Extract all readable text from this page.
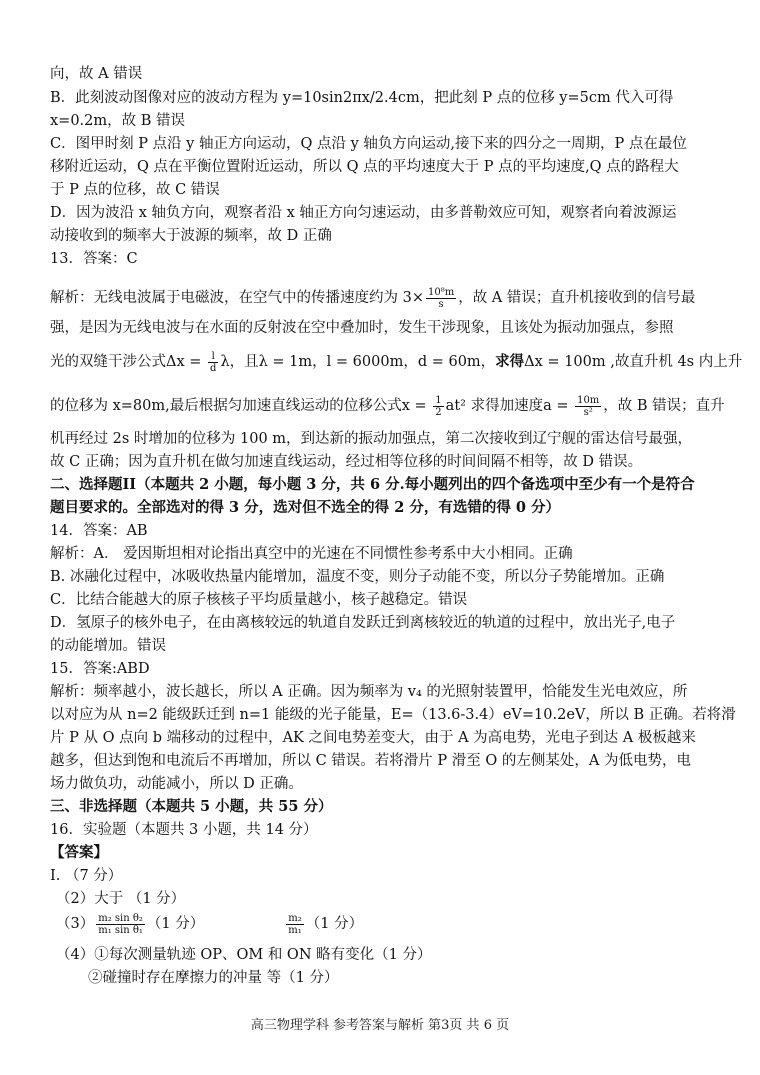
向，故 A 错误
B．此刻波动图像对应的波动方程为 y=10sin2πx/2.4cm，把此刻 P 点的位移 y=5cm 代入可得
x=0.2m，故 B 错误
C．图甲时刻 P 点沿 y 轴正方向运动，Q 点沿 y 轴负方向运动,接下来的四分之一周期，P 点在最位
移附近运动，Q 点在平衡位置附近运动，所以 Q 点的平均速度大于 P 点的平均速度,Q 点的路程大
于 P 点的位移，故 C 错误
D．因为波沿 x 轴负方向，观察者沿 x 轴正方向匀速运动，由多普勒效应可知，观察者向着波源运
动接收到的频率大于波源的频率，故 D 正确
13．答案：C
解析：无线电波属于电磁波，在空气中的传播速度约为 $3\times \frac{\text{10⁸m}}{s}$ ，故 A 错误；直升机接收到的信号最
强，是因为无线电波与在水面的反射波在空中叠加时，发生干涉现象，且该处为振动加强点，参照
光的双缝干涉公式$\Delta x = \frac{l}{d}$ λ，且λ = 1m，l = 6000m，d = 60m，求得Δx = 100m ,故直升机 4s 内上升
的位移为 x=80m,最后根据匀加速直线运动的位移公式$x = \frac{1}{2} at^2$ 求得加速度$a = \frac{10m}{\text{s²}}$ ，故 B 错误；直升
机再经过 2s 时增加的位移为 100 m，到达新的振动加强点，第二次接收到辽宁舰的雷达信号最强，
故 C 正确；因为直升机在做匀加速直线运动，经过相等位移的时间间隔不相等，故 D 错误。
二、选择题II（本题共 2 小题，每小题 3 分，共 6 分.每小题列出的四个备选项中至少有一个是符合
题目要求的。全部选对的得 3 分，选对但不选全的得 2 分，有选错的得 0 分）
14．答案：AB
解析：A． 爱因斯坦相对论指出真空中的光速在不同惯性参考系中大小相同。正确
B. 冰融化过程中，冰吸收热量内能增加，温度不变，则分子动能不变，所以分子势能增加。正确
C．比结合能越大的原子核核子平均质量越小，核子越稳定。错误
D．氢原子的核外电子，在由离核较远的轨道自发跃迁到离核较近的轨道的过程中，放出光子,电子
的动能增加。错误
15．答案:ABD
解析：频率越小，波长越长，所以 A 正确。因为频率为 v₄ 的光照射装置甲，恰能发生光电效应，所
以对应为从 n=2 能级跃迁到 n=1 能级的光子能量，E=（13.6-3.4）eV=10.2eV，所以 B 正确。若将滑
片 P 从 O 点向 b 端移动的过程中，AK 之间电势差变大，由于 A 为高电势，光电子到达 A 极板越来
越多，但达到饱和电流后不再增加，所以 C 错误。若将滑片 P 滑至 O 的左侧某处，A 为低电势，电
场力做负功，动能减小，所以 D 正确。
三、非选择题（本题共 5 小题，共 55 分）
16．实验题（本题共 3 小题，共 14 分）
【答案】
I. （7 分）
（2）大于 （1 分）
$(3) \frac{\text{m₂ sin θ₂}}{\text{m₁ sin θ₁}} (1$ 分）	$\frac{\text{m₂}}{\text{m₁}} (1$ 分）
（4）①每次测量轨迹 OP、OM 和 ON 略有变化（1 分）
②碰撞时存在摩擦力的冲量 等（1 分）
高三物理学科 参考答案与解析 第3页 共 6 页
